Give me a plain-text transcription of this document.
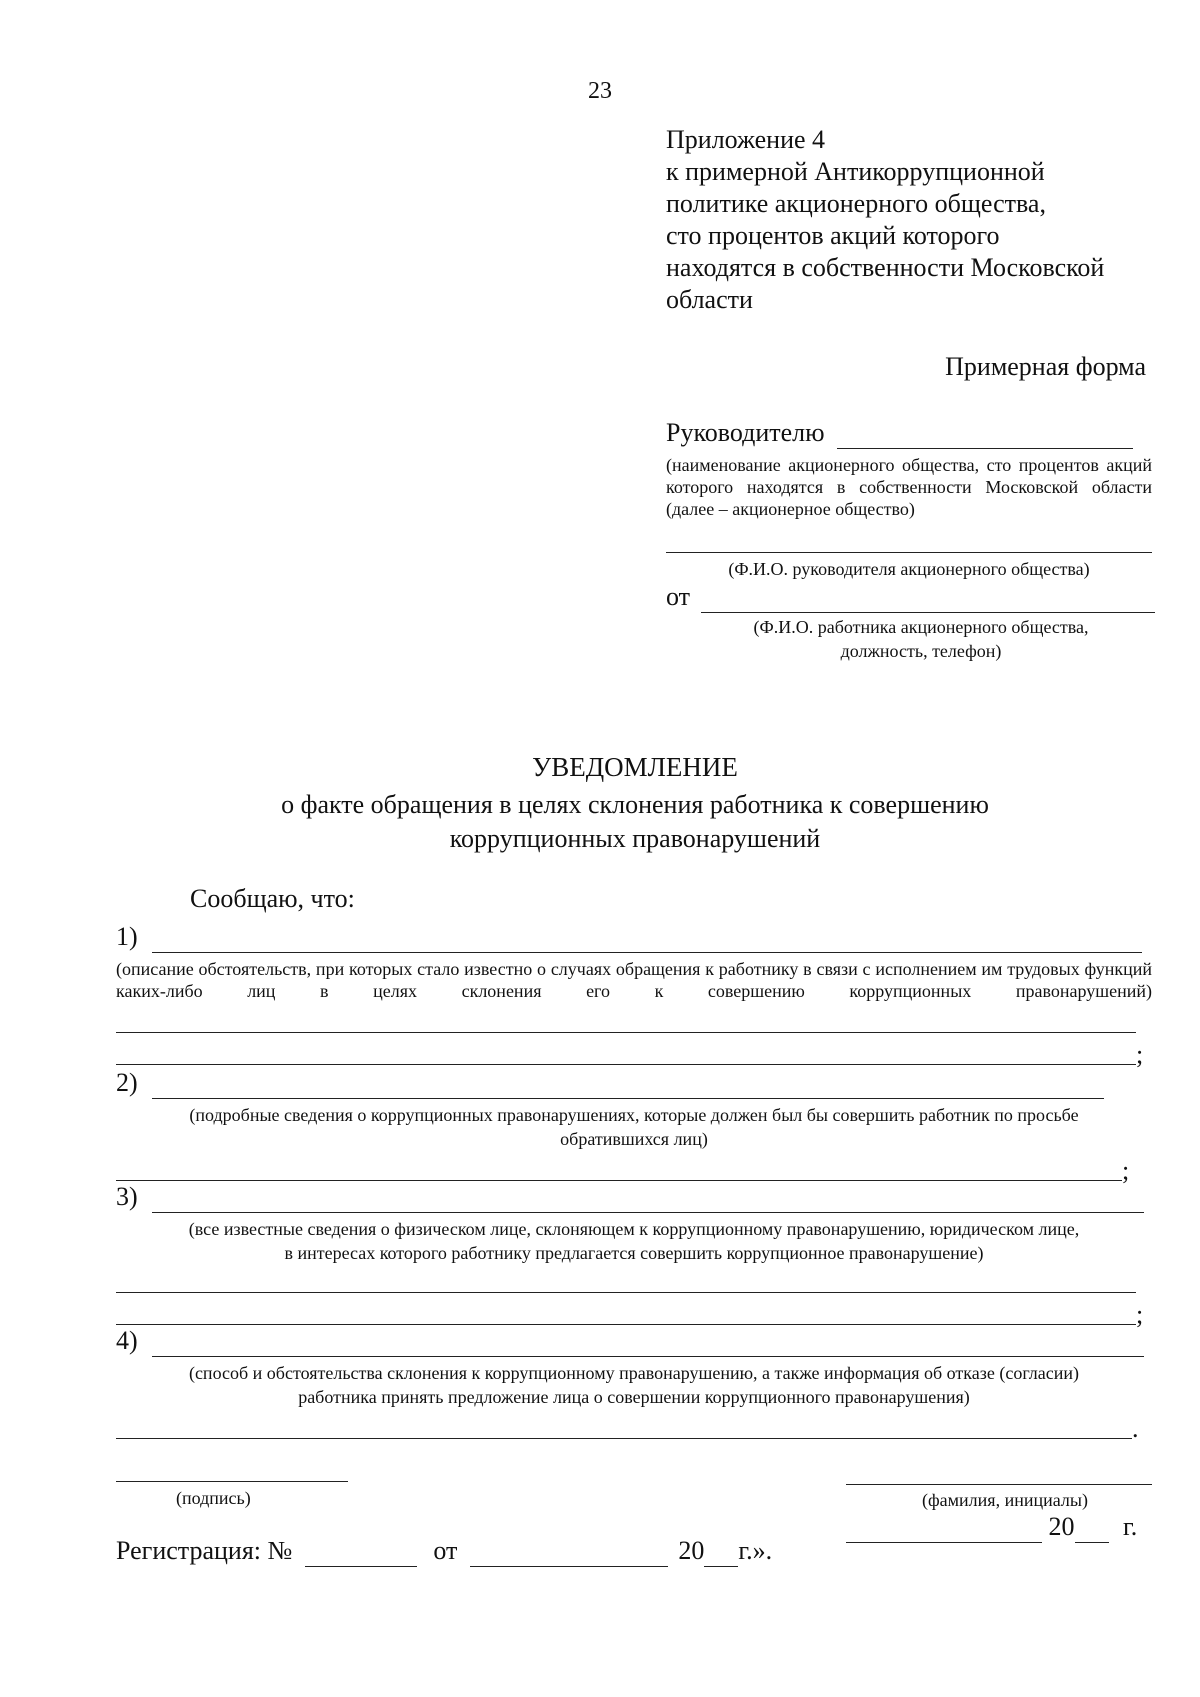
23
Приложение 4
к примерной Антикоррупционной
политике акционерного общества,
сто процентов акций которого
находятся в собственности Московской
области
Примерная форма
Руководителю
(наименование акционерного общества, сто процентов акций которого находятся в собственности Московской области (далее – акционерное общество)
(Ф.И.О. руководителя акционерного общества)
от
(Ф.И.О. работника акционерного общества,
должность, телефон)
УВЕДОМЛЕНИЕ
о факте обращения в целях склонения работника к совершению
коррупционных правонарушений
Сообщаю, что:
1)
(описание обстоятельств, при которых стало известно о случаях обращения к работнику в связи с исполнением им трудовых функций каких-либо лиц в целях склонения его к совершению коррупционных правонарушений)
;
2)
(подробные сведения о коррупционных правонарушениях, которые должен был бы совершить работник по просьбе
обратившихся лиц)
;
3)
(все известные сведения о физическом лице, склоняющем к коррупционному правонарушению, юридическом лице,
в интересах которого работнику предлагается совершить коррупционное правонарушение)
;
4)
(способ и обстоятельства склонения к коррупционному правонарушению, а также информация об отказе (согласии)
работника принять предложение лица о совершении коррупционного правонарушения)
.
(подпись)	(фамилия, инициалы)
20 г.
Регистрация: №	от	20 г.».
